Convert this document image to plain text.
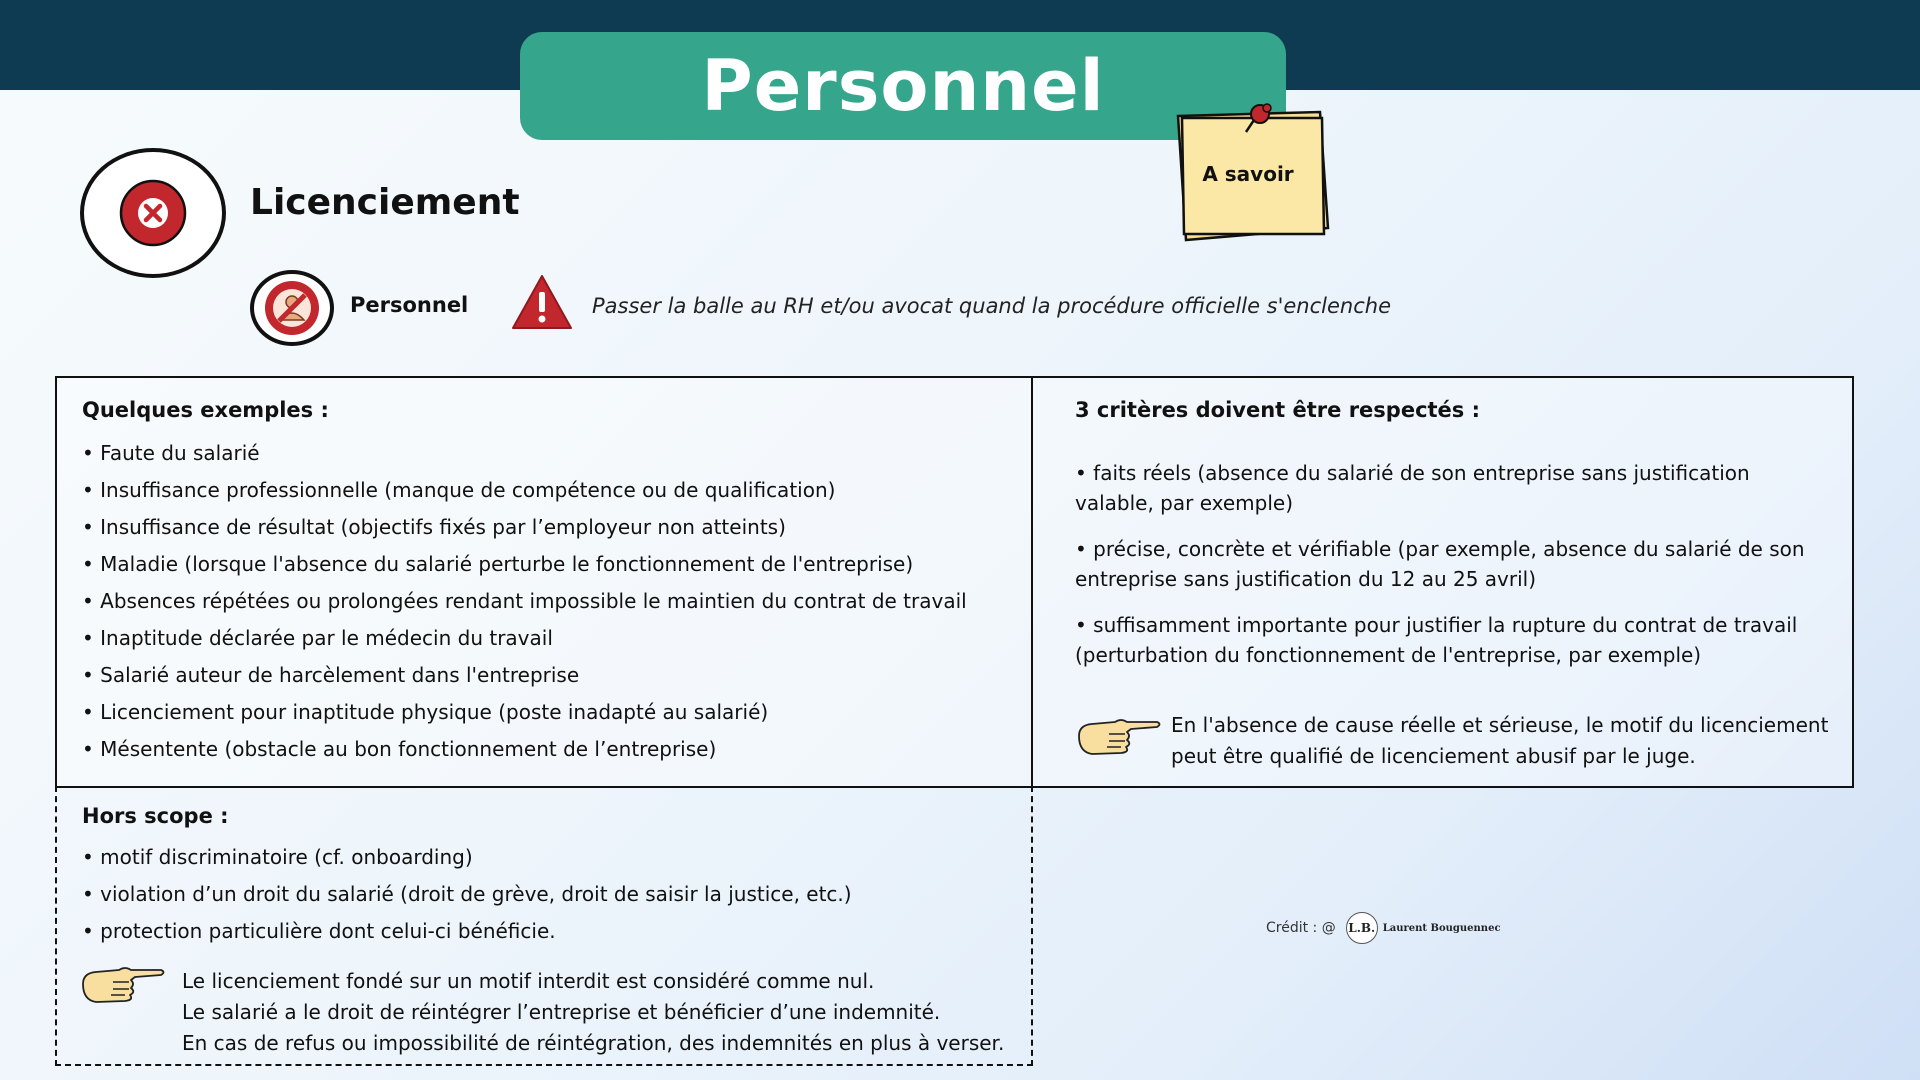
Personnel
Licenciement
A savoir
Personnel	Passer la balle au RH et/ou avocat quand la procédure officielle s'enclenche
Quelques exemples :
• Faute du salarié
• Insuffisance professionnelle (manque de compétence ou de qualification)
• Insuffisance de résultat (objectifs fixés par l’employeur non atteints)
• Maladie (lorsque l'absence du salarié perturbe le fonctionnement de l'entreprise)
• Absences répétées ou prolongées rendant impossible le maintien du contrat de travail
• Inaptitude déclarée par le médecin du travail
• Salarié auteur de harcèlement dans l'entreprise
• Licenciement pour inaptitude physique (poste inadapté au salarié)
• Mésentente (obstacle au bon fonctionnement de l’entreprise)
3 critères doivent être respectés :
• faits réels (absence du salarié de son entreprise sans justification valable, par exemple)
• précise, concrète et vérifiable (par exemple, absence du salarié de son entreprise sans justification du 12 au 25 avril)
• suffisamment importante pour justifier la rupture du contrat de travail (perturbation du fonctionnement de l'entreprise, par exemple)
En l'absence de cause réelle et sérieuse, le motif du licenciement
peut être qualifié de licenciement abusif par le juge.
Hors scope :
• motif discriminatoire (cf. onboarding)
• violation d’un droit du salarié (droit de grève, droit de saisir la justice, etc.)
• protection particulière dont celui-ci bénéficie.
Le licenciement fondé sur un motif interdit est considéré comme nul.
Le salarié a le droit de réintégrer l’entreprise et bénéficier d’une indemnité.
En cas de refus ou impossibilité de réintégration, des indemnités en plus à verser.
Crédit : @ L.B. Laurent Bouguennec
